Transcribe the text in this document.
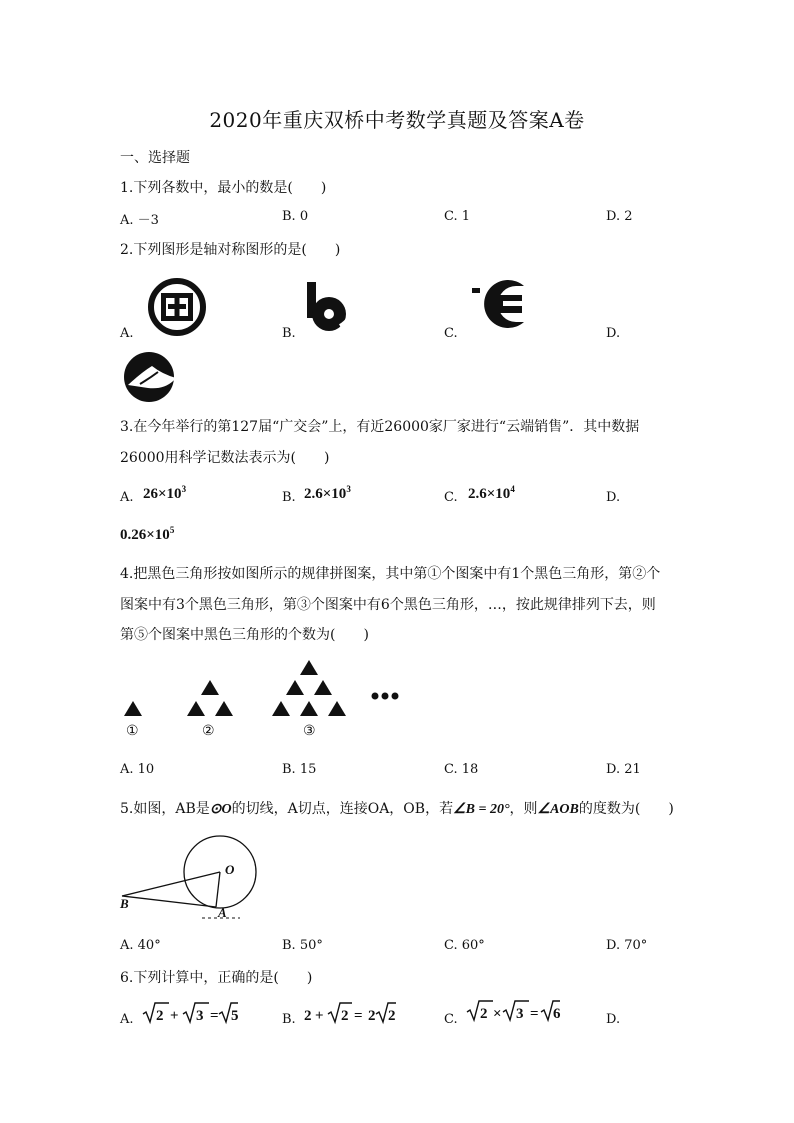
2020年重庆双桥中考数学真题及答案A卷
一、选择题
1.下列各数中，最小的数是(　　)
A. －3	B. 0	C. 1	D. 2
2.下列图形是轴对称图形的是(　　)
A.	B.	C.	D.
3.在今年举行的第127届“广交会”上，有近26000家厂家进行“云端销售”．其中数据
26000用科学记数法表示为(　　)
A. $26\times 10^3$
B. $2.6\times 10^3$
C. $2.6\times 10^4$
D.
$0.26\times 10^5$
4.把黑色三角形按如图所示的规律拼图案，其中第①个图案中有1个黑色三角形，第②个
图案中有3个黑色三角形，第③个图案中有6个黑色三角形，…，按此规律排列下去，则
第⑤个图案中黑色三角形的个数为(　　)
①	②	③
A. 10	B. 15	C. 18	D. 21
5.如图，AB是⊙O的切线，A切点，连接OA，OB，若∠B = 20°，则∠AOB的度数为(　　)
O
A
B
A. 40°	B. 50°	C. 60°	D. 70°
6.下列计算中，正确的是(　　)
A. 2 + 3 = 5	B. 2 + 2 = 2 2	C. 2 × 3 = 6	D.
